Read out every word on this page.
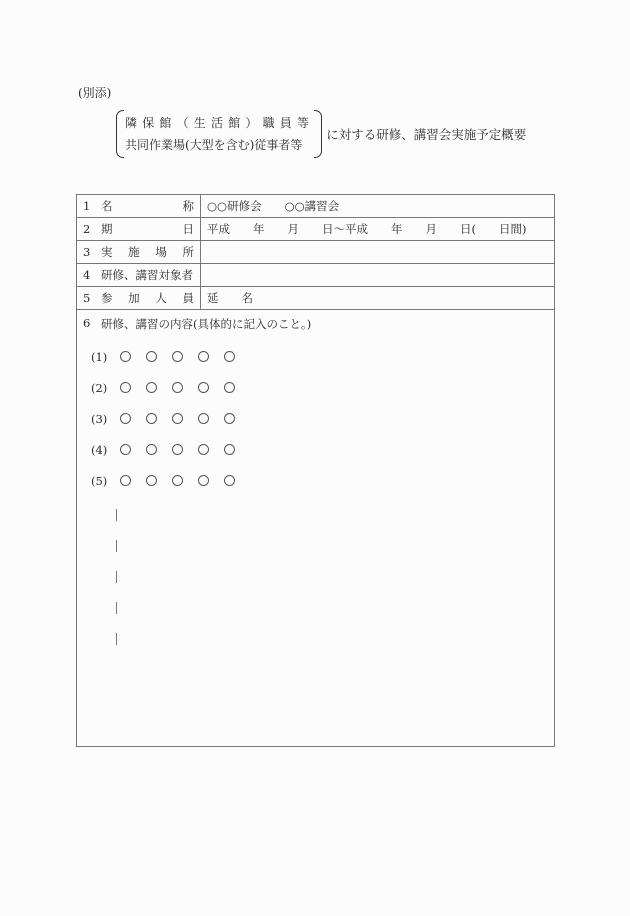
(別添)
隣保館（生活館）職員等
共同作業場(大型を含む)従事者等
に対する研修、講習会実施予定概要
1 名	称	○○研修会　　○○講習会
2 期	日	平成　　年　　月　　日～平成　　年　　月　　日(　　日間)
3 実 施 場 所
4 研修、講習対象者
5 参 加 人 員	延　　名
6 研修、講習の内容(具体的に記入のこと。)
(1)
(2)
(3)
(4)
(5)
